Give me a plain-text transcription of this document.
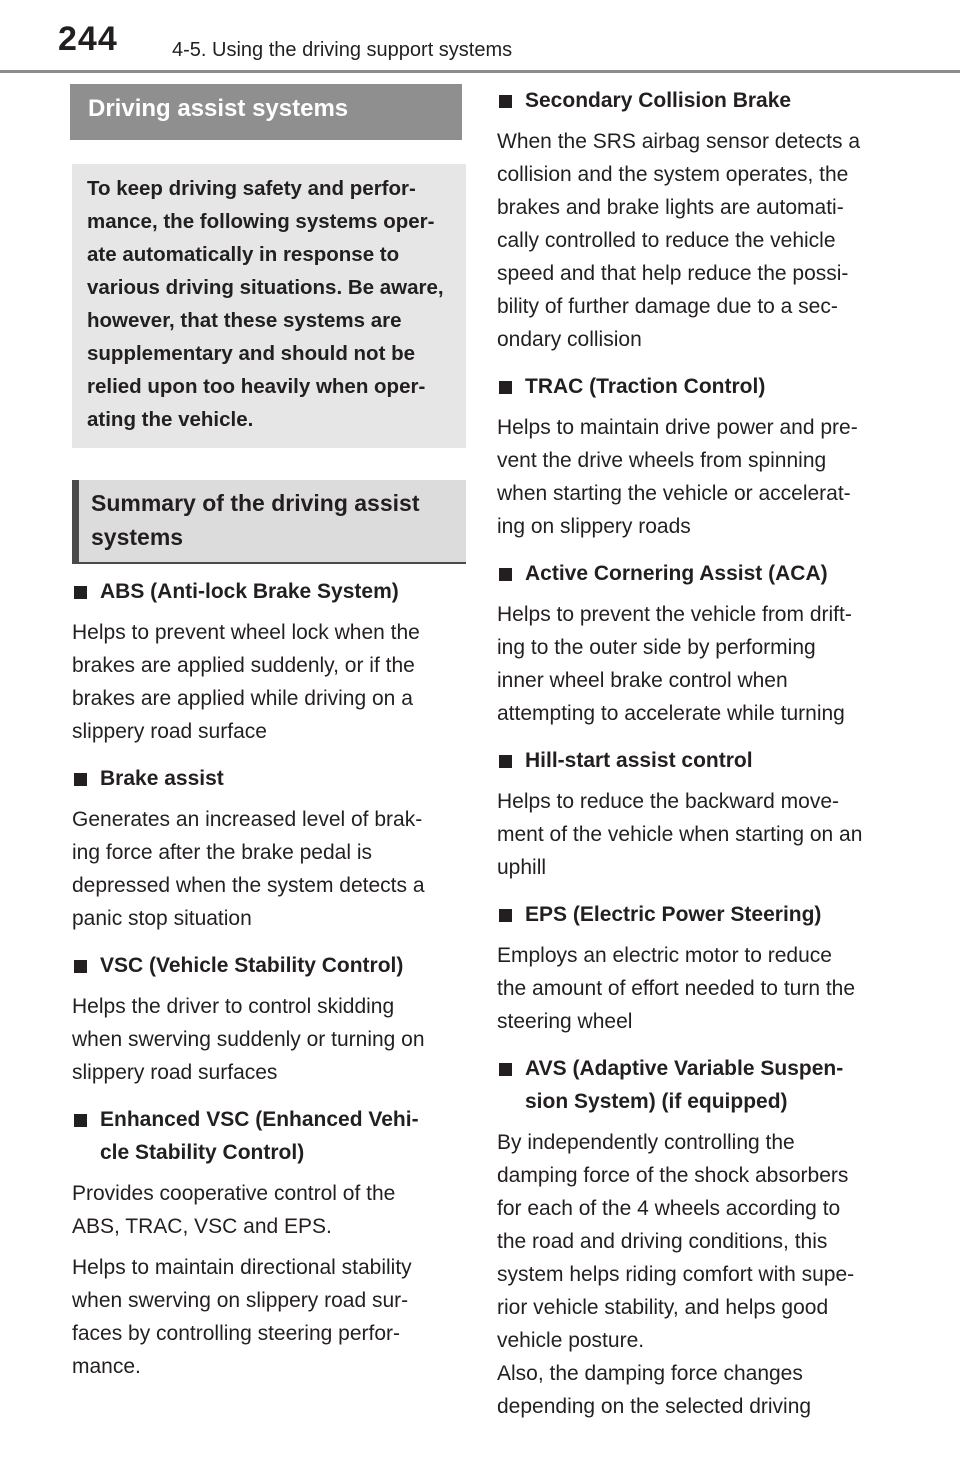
244	4-5. Using the driving support systems
Driving assist systems
To keep driving safety and perfor-
mance, the following systems oper-
ate automatically in response to
various driving situations. Be aware,
however, that these systems are
supplementary and should not be
relied upon too heavily when oper-
ating the vehicle.
Summary of the driving assist
systems
ABS (Anti-lock Brake System)

Helps to prevent wheel lock when the
brakes are applied suddenly, or if the
brakes are applied while driving on a
slippery road surface

Brake assist

Generates an increased level of brak-
ing force after the brake pedal is
depressed when the system detects a
panic stop situation

VSC (Vehicle Stability Control)

Helps the driver to control skidding
when swerving suddenly or turning on
slippery road surfaces

Enhanced VSC (Enhanced Vehi-
cle Stability Control)

Provides cooperative control of the
ABS, TRAC, VSC and EPS.

Helps to maintain directional stability
when swerving on slippery road sur-
faces by controlling steering perfor-
mance.

Secondary Collision Brake

When the SRS airbag sensor detects a
collision and the system operates, the
brakes and brake lights are automati-
cally controlled to reduce the vehicle
speed and that help reduce the possi-
bility of further damage due to a sec-
ondary collision

TRAC (Traction Control)

Helps to maintain drive power and pre-
vent the drive wheels from spinning
when starting the vehicle or accelerat-
ing on slippery roads

Active Cornering Assist (ACA)

Helps to prevent the vehicle from drift-
ing to the outer side by performing
inner wheel brake control when
attempting to accelerate while turning

Hill-start assist control

Helps to reduce the backward move-
ment of the vehicle when starting on an
uphill

EPS (Electric Power Steering)

Employs an electric motor to reduce
the amount of effort needed to turn the
steering wheel

AVS (Adaptive Variable Suspen-
sion System) (if equipped)

By independently controlling the
damping force of the shock absorbers
for each of the 4 wheels according to
the road and driving conditions, this
system helps riding comfort with supe-
rior vehicle stability, and helps good
vehicle posture.
Also, the damping force changes
depending on the selected driving
